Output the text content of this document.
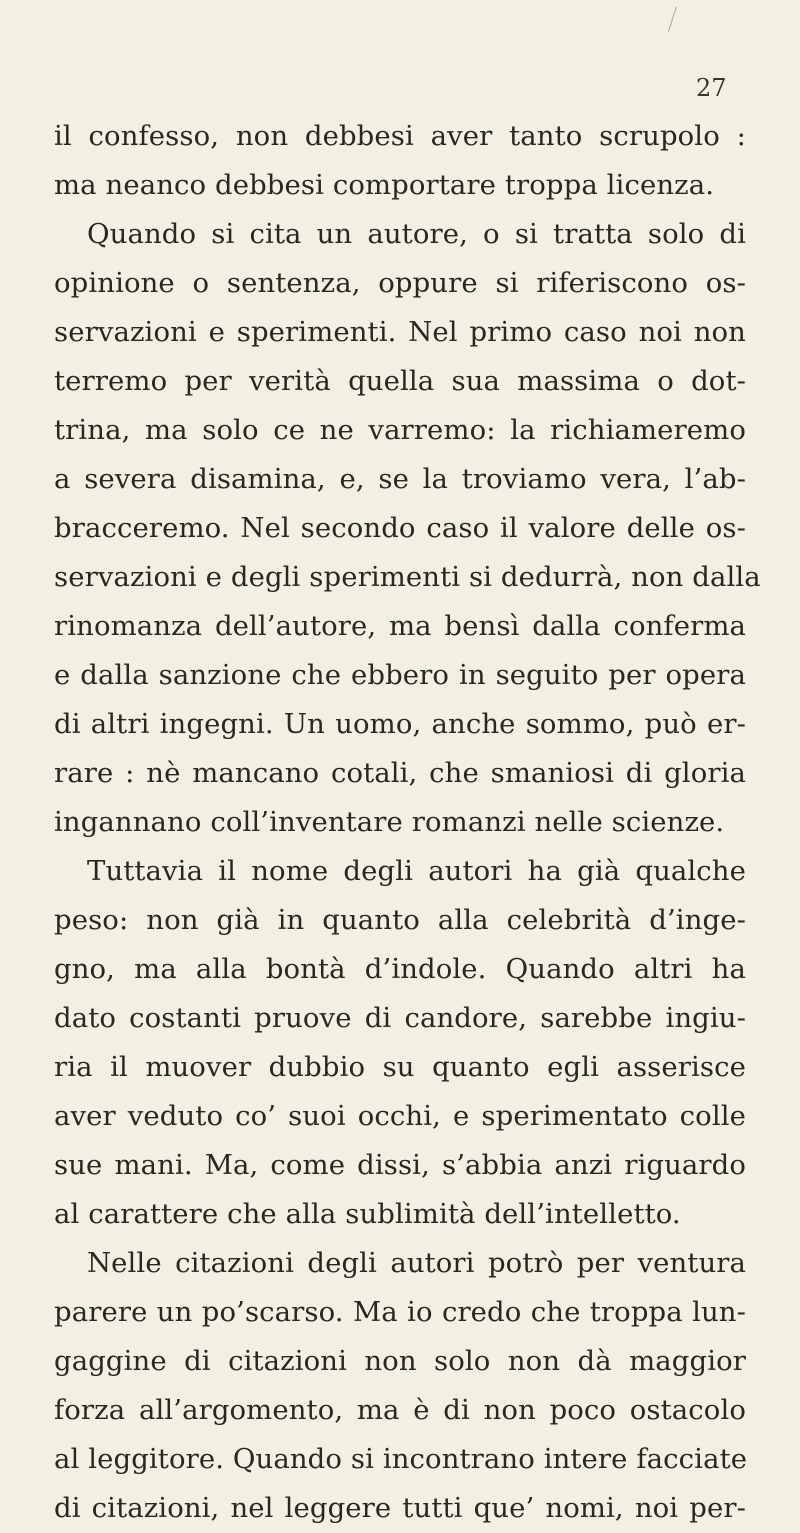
27
il confesso, non debbesi aver tanto scrupolo :
ma neanco debbesi comportare troppa licenza.
Quando si cita un autore, o si tratta solo di
opinione o sentenza, oppure si riferiscono os-
servazioni e sperimenti. Nel primo caso noi non
terremo per verità quella sua massima o dot-
trina, ma solo ce ne varremo: la richiameremo
a severa disamina, e, se la troviamo vera, l’ab-
bracceremo. Nel secondo caso il valore delle os-
servazioni e degli sperimenti si dedurrà, non dalla
rinomanza dell’autore, ma bensì dalla conferma
e dalla sanzione che ebbero in seguito per opera
di altri ingegni. Un uomo, anche sommo, può er-
rare : nè mancano cotali, che smaniosi di gloria
ingannano coll’inventare romanzi nelle scienze.
Tuttavia il nome degli autori ha già qualche
peso: non già in quanto alla celebrità d’inge-
gno, ma alla bontà d’indole. Quando altri ha
dato costanti pruove di candore, sarebbe ingiu-
ria il muover dubbio su quanto egli asserisce
aver veduto co’ suoi occhi, e sperimentato colle
sue mani. Ma, come dissi, s’abbia anzi riguardo
al carattere che alla sublimità dell’intelletto.
Nelle citazioni degli autori potrò per ventura
parere un po’scarso. Ma io credo che troppa lun-
gaggine di citazioni non solo non dà maggior
forza all’argomento, ma è di non poco ostacolo
al leggitore. Quando si incontrano intere facciate
di citazioni, nel leggere tutti que’ nomi, noi per-
